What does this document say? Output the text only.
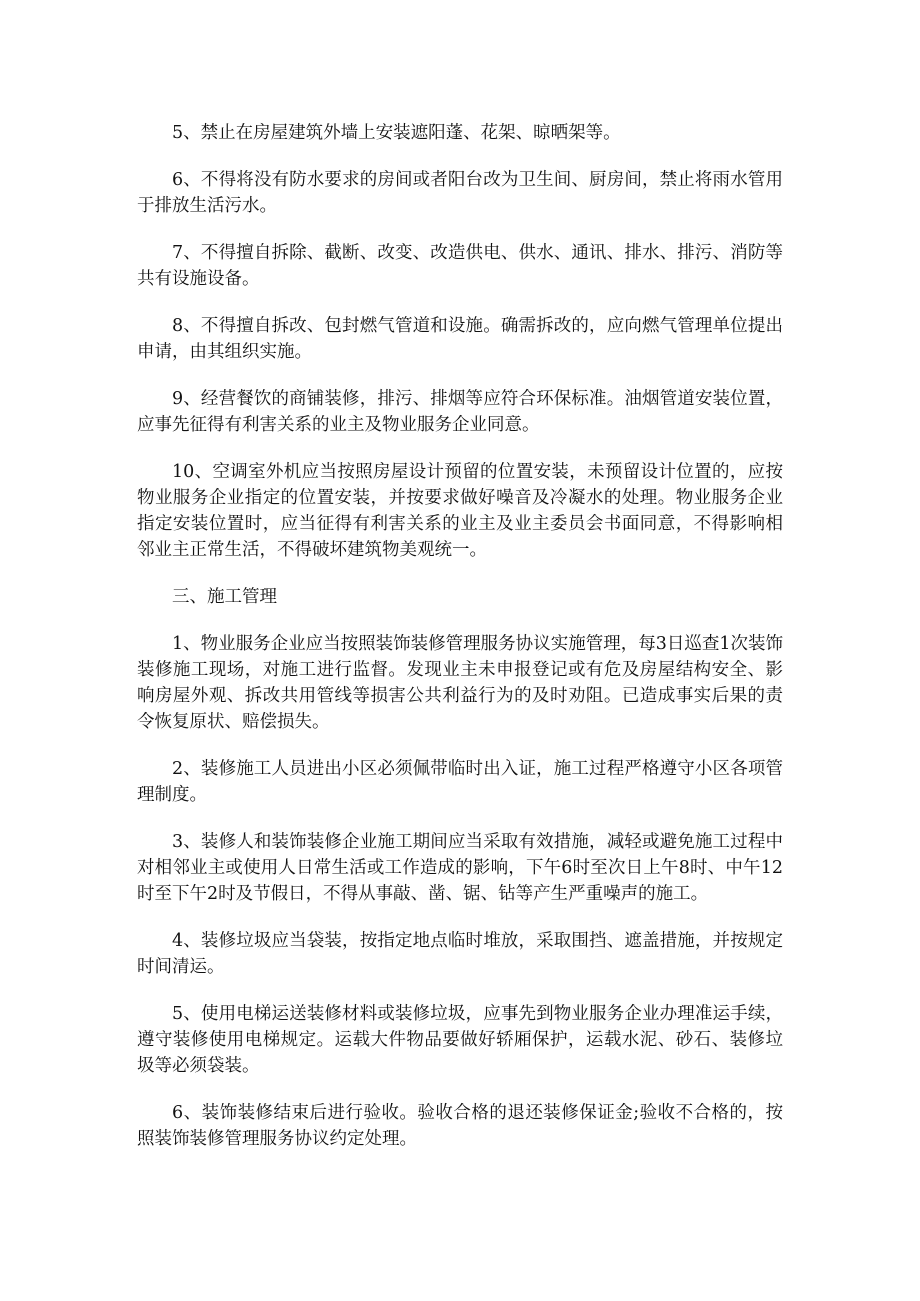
5、禁止在房屋建筑外墙上安装遮阳蓬、花架、晾晒架等。

6、不得将没有防水要求的房间或者阳台改为卫生间、厨房间，禁止将雨水管用于排放生活污水。

7、不得擅自拆除、截断、改变、改造供电、供水、通讯、排水、排污、消防等共有设施设备。

8、不得擅自拆改、包封燃气管道和设施。确需拆改的，应向燃气管理单位提出申请，由其组织实施。

9、经营餐饮的商铺装修，排污、排烟等应符合环保标准。油烟管道安装位置，应事先征得有利害关系的业主及物业服务企业同意。

10、空调室外机应当按照房屋设计预留的位置安装，未预留设计位置的，应按物业服务企业指定的位置安装，并按要求做好噪音及冷凝水的处理。物业服务企业指定安装位置时，应当征得有利害关系的业主及业主委员会书面同意，不得影响相邻业主正常生活，不得破坏建筑物美观统一。

三、施工管理

1、物业服务企业应当按照装饰装修管理服务协议实施管理，每3日巡查1次装饰装修施工现场，对施工进行监督。发现业主未申报登记或有危及房屋结构安全、影响房屋外观、拆改共用管线等损害公共利益行为的及时劝阻。已造成事实后果的责令恢复原状、赔偿损失。

2、装修施工人员进出小区必须佩带临时出入证，施工过程严格遵守小区各项管理制度。

3、装修人和装饰装修企业施工期间应当采取有效措施，减轻或避免施工过程中对相邻业主或使用人日常生活或工作造成的影响，下午6时至次日上午8时、中午12时至下午2时及节假日，不得从事敲、凿、锯、钻等产生严重噪声的施工。

4、装修垃圾应当袋装，按指定地点临时堆放，采取围挡、遮盖措施，并按规定时间清运。

5、使用电梯运送装修材料或装修垃圾，应事先到物业服务企业办理准运手续，遵守装修使用电梯规定。运载大件物品要做好轿厢保护，运载水泥、砂石、装修垃圾等必须袋装。

6、装饰装修结束后进行验收。验收合格的退还装修保证金;验收不合格的，按照装饰装修管理服务协议约定处理。
